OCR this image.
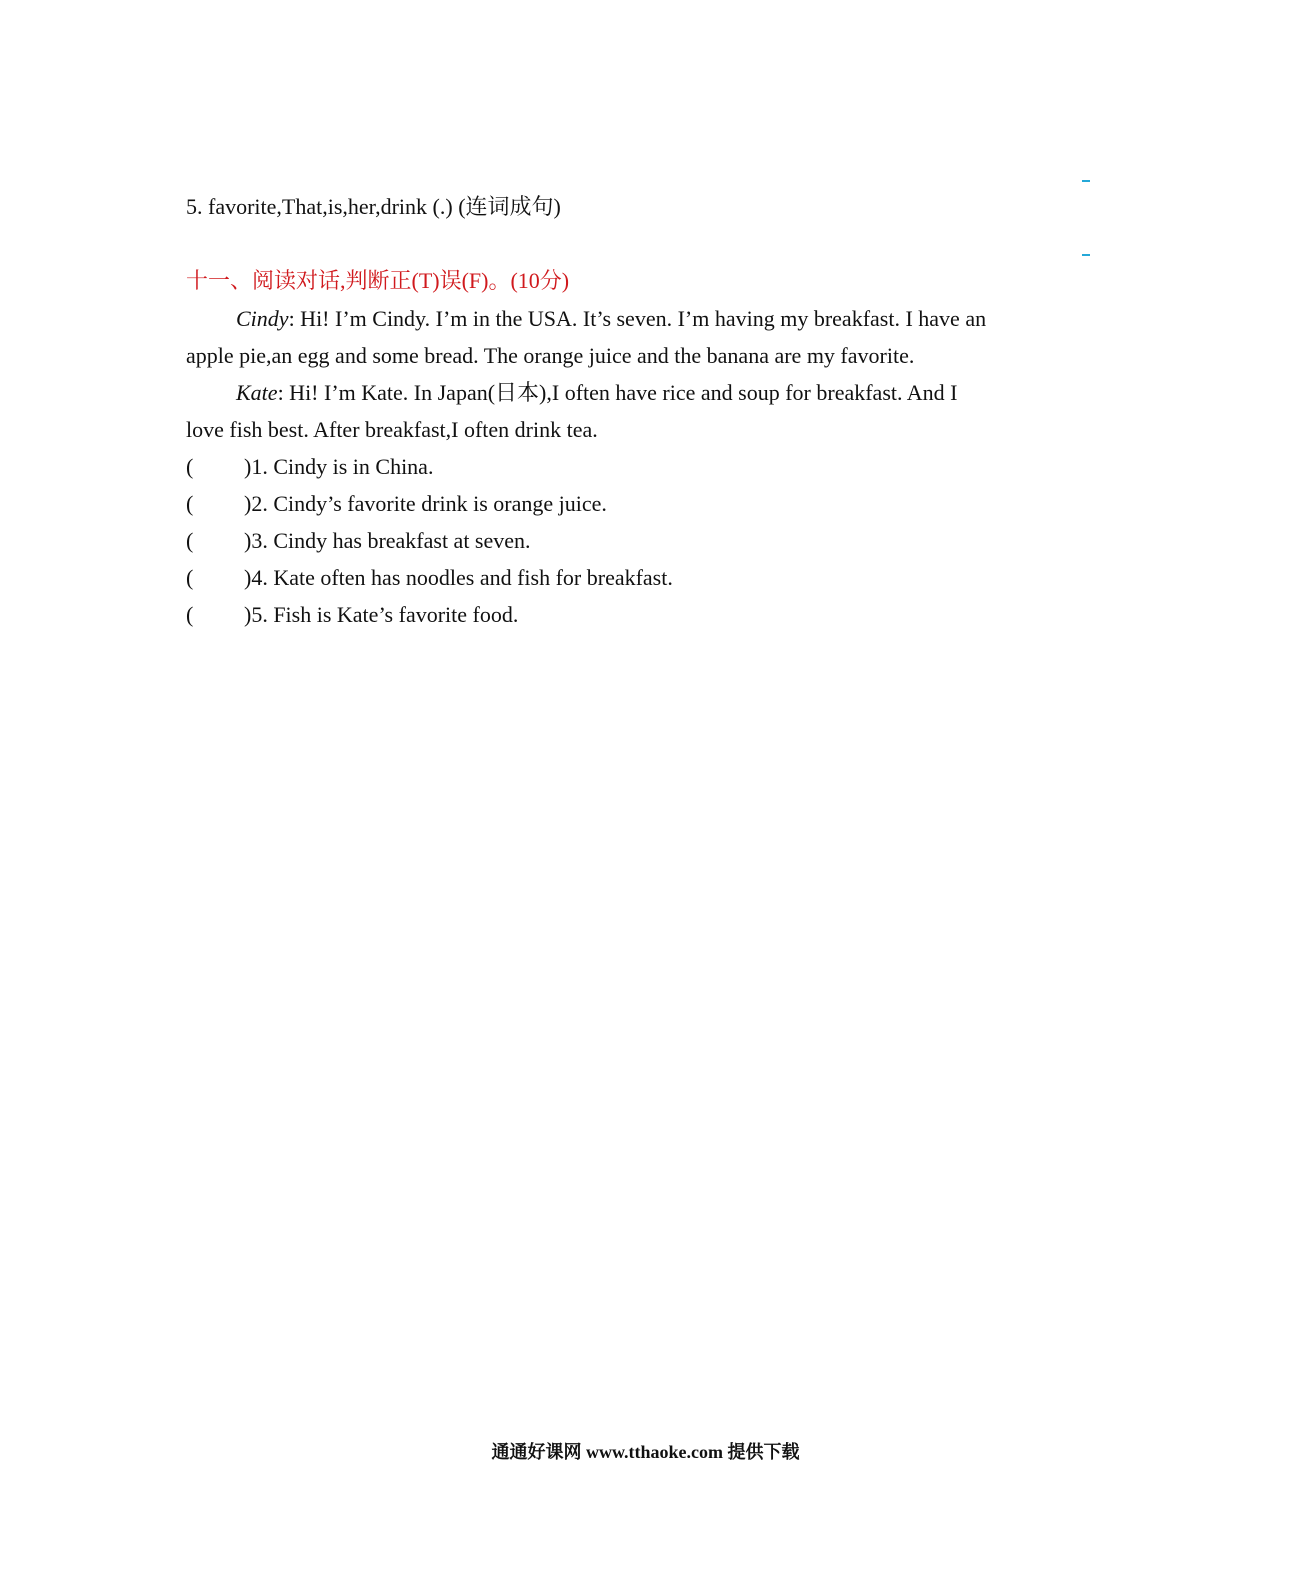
5. favorite,That,is,her,drink (.) (连词成句)
十一、阅读对话,判断正(T)误(F)。(10分)
Cindy: Hi! I’m Cindy. I’m in the USA. It’s seven. I’m having my breakfast. I have an
apple pie,an egg and some bread. The orange juice and the banana are my favorite.
Kate: Hi! I’m Kate. In Japan(日本),I often have rice and soup for breakfast. And I
love fish best. After breakfast,I often drink tea.
( )1. Cindy is in China.
( )2. Cindy’s favorite drink is orange juice.
( )3. Cindy has breakfast at seven.
( )4. Kate often has noodles and fish for breakfast.
( )5. Fish is Kate’s favorite food.
通通好课网 www.tthaoke.com 提供下载
